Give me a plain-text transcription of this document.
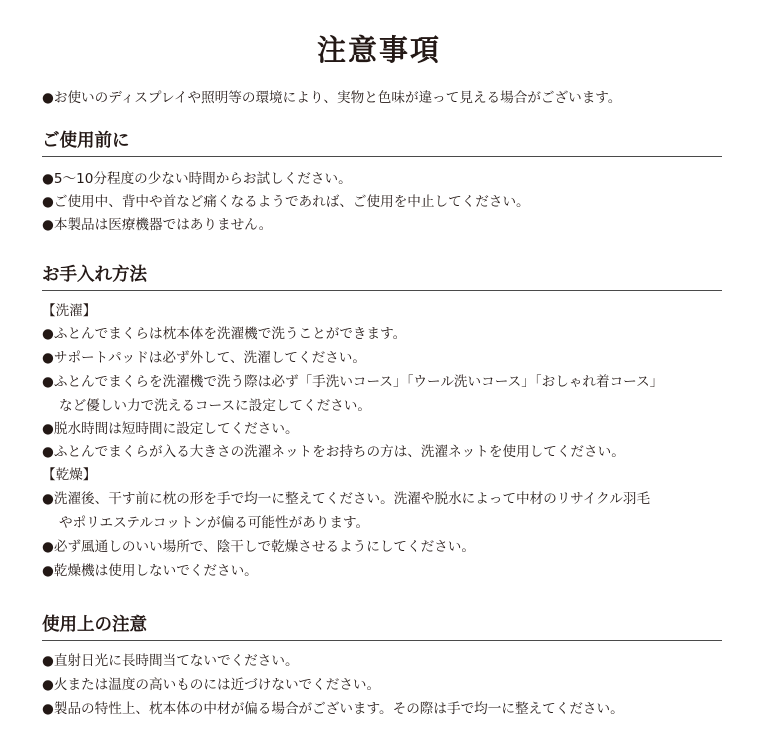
注意事項
●お使いのディスプレイや照明等の環境により、実物と色味が違って見える場合がございます。
ご使用前に
●5～10分程度の少ない時間からお試しください。
●ご使用中、背中や首など痛くなるようであれば、ご使用を中止してください。
●本製品は医療機器ではありません。
お手入れ方法
【洗濯】
●ふとんでまくらは枕本体を洗濯機で洗うことができます。
●サポートパッドは必ず外して、洗濯してください。
●ふとんでまくらを洗濯機で洗う際は必ず「手洗いコース」「ウール洗いコース」「おしゃれ着コース」
など優しい力で洗えるコースに設定してください。
●脱水時間は短時間に設定してください。
●ふとんでまくらが入る大きさの洗濯ネットをお持ちの方は、洗濯ネットを使用してください。
【乾燥】
●洗濯後、干す前に枕の形を手で均一に整えてください。洗濯や脱水によって中材のリサイクル羽毛
やポリエステルコットンが偏る可能性があります。
●必ず風通しのいい場所で、陰干しで乾燥させるようにしてください。
●乾燥機は使用しないでください。
使用上の注意
●直射日光に長時間当てないでください。
●火または温度の高いものには近づけないでください。
●製品の特性上、枕本体の中材が偏る場合がございます。その際は手で均一に整えてください。
